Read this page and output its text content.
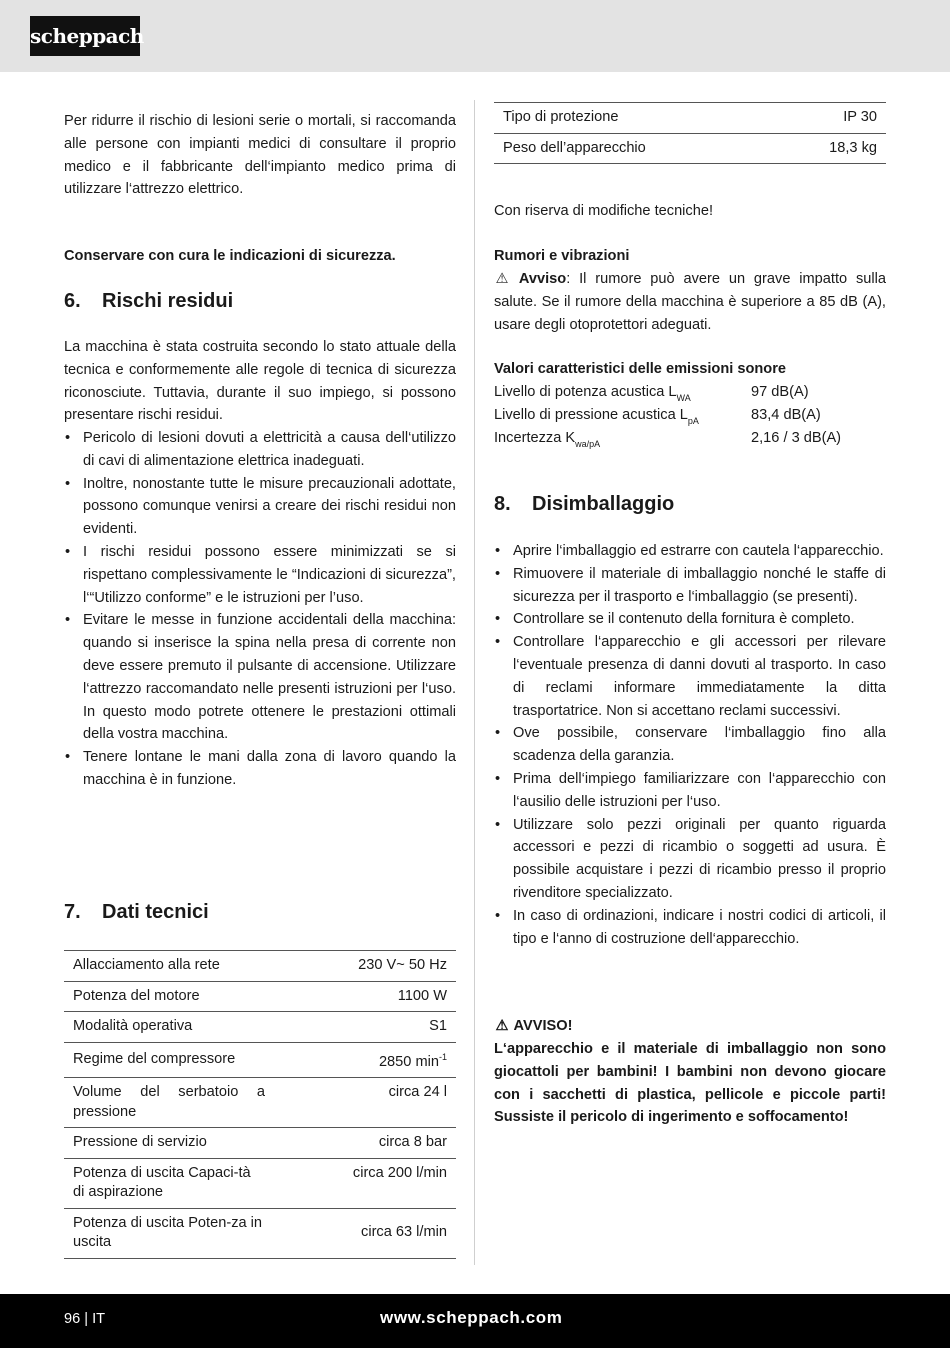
scheppach

Per ridurre il rischio di lesioni serie o mortali, si raccomanda alle persone con impianti medici di consultare il proprio medico e il fabbricante dell‘impianto medico prima di utilizzare l‘attrezzo elettrico.

Conservare con cura le indicazioni di sicurezza.

6. Rischi residui

La macchina è stata costruita secondo lo stato attuale della tecnica e conformemente alle regole di tecnica di sicurezza riconosciute. Tuttavia, durante il suo impiego, si possono presentare rischi residui.

• Pericolo di lesioni dovuti a elettricità a causa dell‘utilizzo di cavi di alimentazione elettrica inadeguati.
• Inoltre, nonostante tutte le misure precauzionali adottate, possono comunque venirsi a creare dei rischi residui non evidenti.
• I rischi residui possono essere minimizzati se si rispettano complessivamente le “Indicazioni di sicurezza”, l‘“Utilizzo conforme” e le istruzioni per l’uso.
• Evitare le messe in funzione accidentali della macchina: quando si inserisce la spina nella presa di corrente non deve essere premuto il pulsante di accensione. Utilizzare l‘attrezzo raccomandato nelle presenti istruzioni per l‘uso. In questo modo potrete ottenere le prestazioni ottimali della vostra macchina.
• Tenere lontane le mani dalla zona di lavoro quando la macchina è in funzione.
7. Dati tecnici
Allacciamento alla rete	230 V~ 50 Hz
Potenza del motore	1100 W
Modalità operativa	S1
Regime del compressore	2850 $\min^{-1}$
Volume del serbatoio a pressione	circa 24 l
Pressione di servizio	circa 8 bar
Potenza di uscita Capaci-tà di aspirazione	circa 200 l/min
Potenza di uscita Poten-za in uscita	circa 63 l/min
Tipo di protezione	IP 30
Peso dell’apparecchio	18,3 kg

Con riserva di modifiche tecniche!

Rumori e vibrazioni

⚠ Avviso: Il rumore può avere un grave impatto sulla salute. Se il rumore della macchina è superiore a 85 dB (A), usare degli otoprotettori adeguati.

Valori caratteristici delle emissioni sonore

Livello di potenza acustica $L_{WA}$	97 dB(A)
Livello di pressione acustica $L_{pA}$	83,4 dB(A)
Incertezza $K_{wa/pA}$	2,16 / 3 dB(A)
8. Disimballaggio
• Aprire l‘imballaggio ed estrarre con cautela l‘apparecchio.
• Rimuovere il materiale di imballaggio nonché le staffe di sicurezza per il trasporto e l‘imballaggio (se presenti).
• Controllare se il contenuto della fornitura è completo.
• Controllare l‘apparecchio e gli accessori per rilevare l‘eventuale presenza di danni dovuti al trasporto. In caso di reclami informare immediatamente la ditta trasportatrice. Non si accettano reclami successivi.
• Ove possibile, conservare l‘imballaggio fino alla scadenza della garanzia.
• Prima dell‘impiego familiarizzare con l‘apparecchio con l‘ausilio delle istruzioni per l‘uso.
• Utilizzare solo pezzi originali per quanto riguarda accessori e pezzi di ricambio o soggetti ad usura. È possibile acquistare i pezzi di ricambio presso il proprio rivenditore specializzato.
• In caso di ordinazioni, indicare i nostri codici di articoli, il tipo e l‘anno di costruzione dell‘apparecchio.

⚠ AVVISO!

L‘apparecchio e il materiale di imballaggio non sono giocattoli per bambini! I bambini non devono giocare con i sacchetti di plastica, pellicole e piccole parti! Sussiste il pericolo di ingerimento e soffocamento!

96 | IT	www.scheppach.com
